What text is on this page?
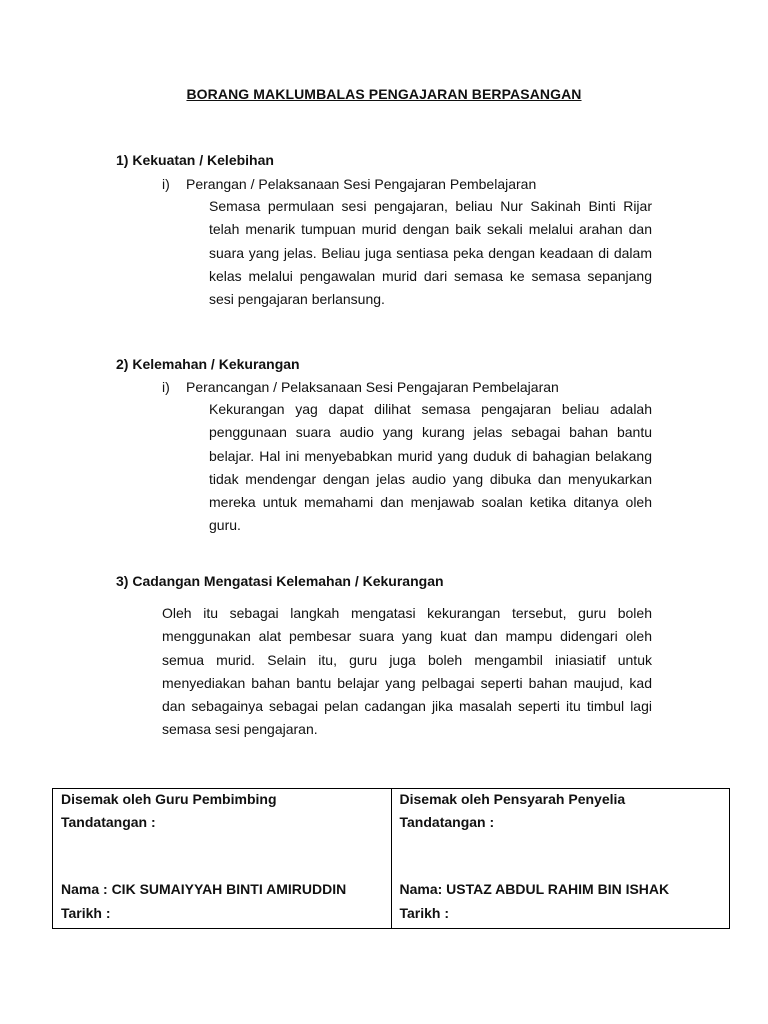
BORANG MAKLUMBALAS PENGAJARAN BERPASANGAN
1) Kekuatan / Kelebihan
i) Perangan / Pelaksanaan Sesi Pengajaran Pembelajaran
Semasa permulaan sesi pengajaran, beliau Nur Sakinah Binti Rijar telah menarik tumpuan murid dengan baik sekali melalui arahan dan suara yang jelas. Beliau juga sentiasa peka dengan keadaan di dalam kelas melalui pengawalan murid dari semasa ke semasa sepanjang sesi pengajaran berlansung.
2) Kelemahan / Kekurangan
i) Perancangan / Pelaksanaan Sesi Pengajaran Pembelajaran
Kekurangan yag dapat dilihat semasa pengajaran beliau adalah penggunaan suara audio yang kurang jelas sebagai bahan bantu belajar. Hal ini menyebabkan murid yang duduk di bahagian belakang tidak mendengar dengan jelas audio yang dibuka dan menyukarkan mereka untuk memahami dan menjawab soalan ketika ditanya oleh guru.
3) Cadangan Mengatasi Kelemahan / Kekurangan
Oleh itu sebagai langkah mengatasi kekurangan tersebut, guru boleh menggunakan alat pembesar suara yang kuat dan mampu didengari oleh semua murid. Selain itu, guru juga boleh mengambil iniasiatif untuk menyediakan bahan bantu belajar yang pelbagai seperti bahan maujud, kad dan sebagainya sebagai pelan cadangan jika masalah seperti itu timbul lagi semasa sesi pengajaran.
Disemak oleh Guru Pembimbing
Tandatangan :
Nama : CIK SUMAIYYAH BINTI AMIRUDDIN
Tarikh :

Disemak oleh Pensyarah Penyelia
Tandatangan :
Nama: USTAZ ABDUL RAHIM BIN ISHAK
Tarikh :
